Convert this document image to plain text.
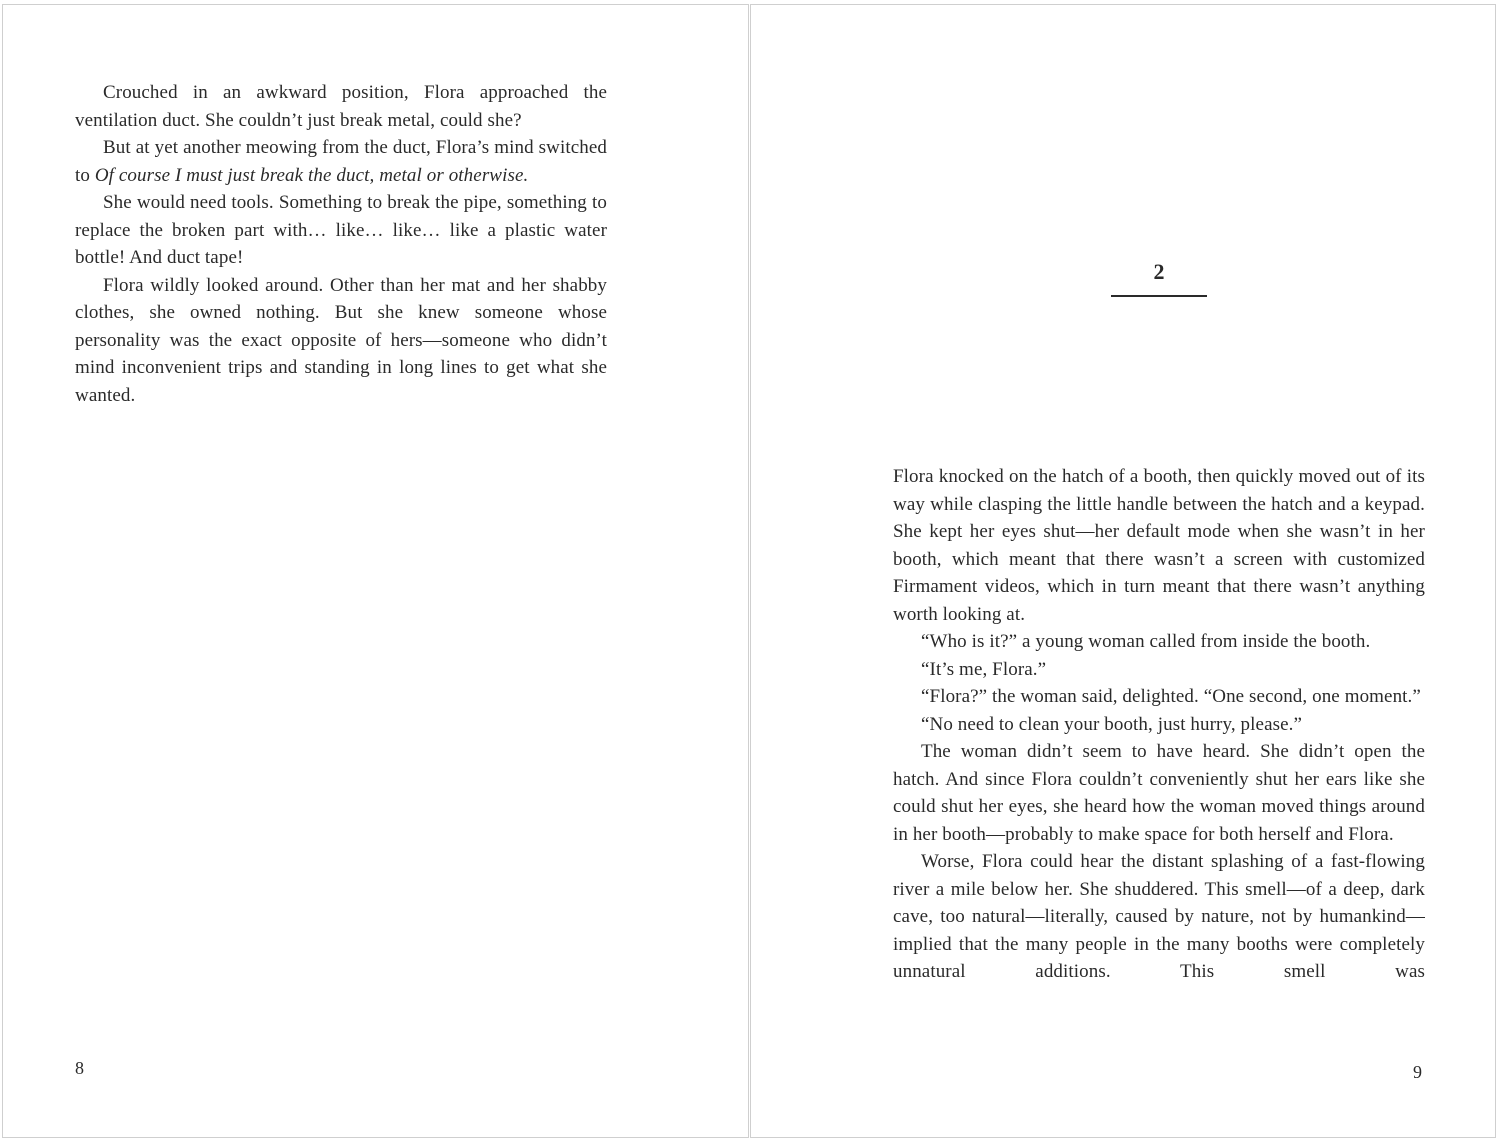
Crouched in an awkward position, Flora approached the ventilation duct. She couldn’t just break metal, could she?

But at yet another meowing from the duct, Flora’s mind switched to Of course I must just break the duct, metal or otherwise.

She would need tools. Something to break the pipe, something to replace the broken part with… like… like… like a plastic water bottle! And duct tape!

Flora wildly looked around. Other than her mat and her shabby clothes, she owned nothing. But she knew someone whose personality was the exact opposite of hers—someone who didn’t mind inconvenient trips and standing in long lines to get what she wanted.

8
2

Flora knocked on the hatch of a booth, then quickly moved out of its way while clasping the little handle between the hatch and a keypad. She kept her eyes shut—her default mode when she wasn’t in her booth, which meant that there wasn’t a screen with customized Firmament videos, which in turn meant that there wasn’t anything worth looking at.

“Who is it?” a young woman called from inside the booth.

“It’s me, Flora.”

“Flora?” the woman said, delighted. “One second, one moment.”

“No need to clean your booth, just hurry, please.”

The woman didn’t seem to have heard. She didn’t open the hatch. And since Flora couldn’t conveniently shut her ears like she could shut her eyes, she heard how the woman moved things around in her booth—probably to make space for both herself and Flora.

Worse, Flora could hear the distant splashing of a fast-flowing river a mile below her. She shuddered. This smell—of a deep, dark cave, too natural—literally, caused by nature, not by humankind—implied that the many people in the many booths were completely unnatural additions. This smell was

9
